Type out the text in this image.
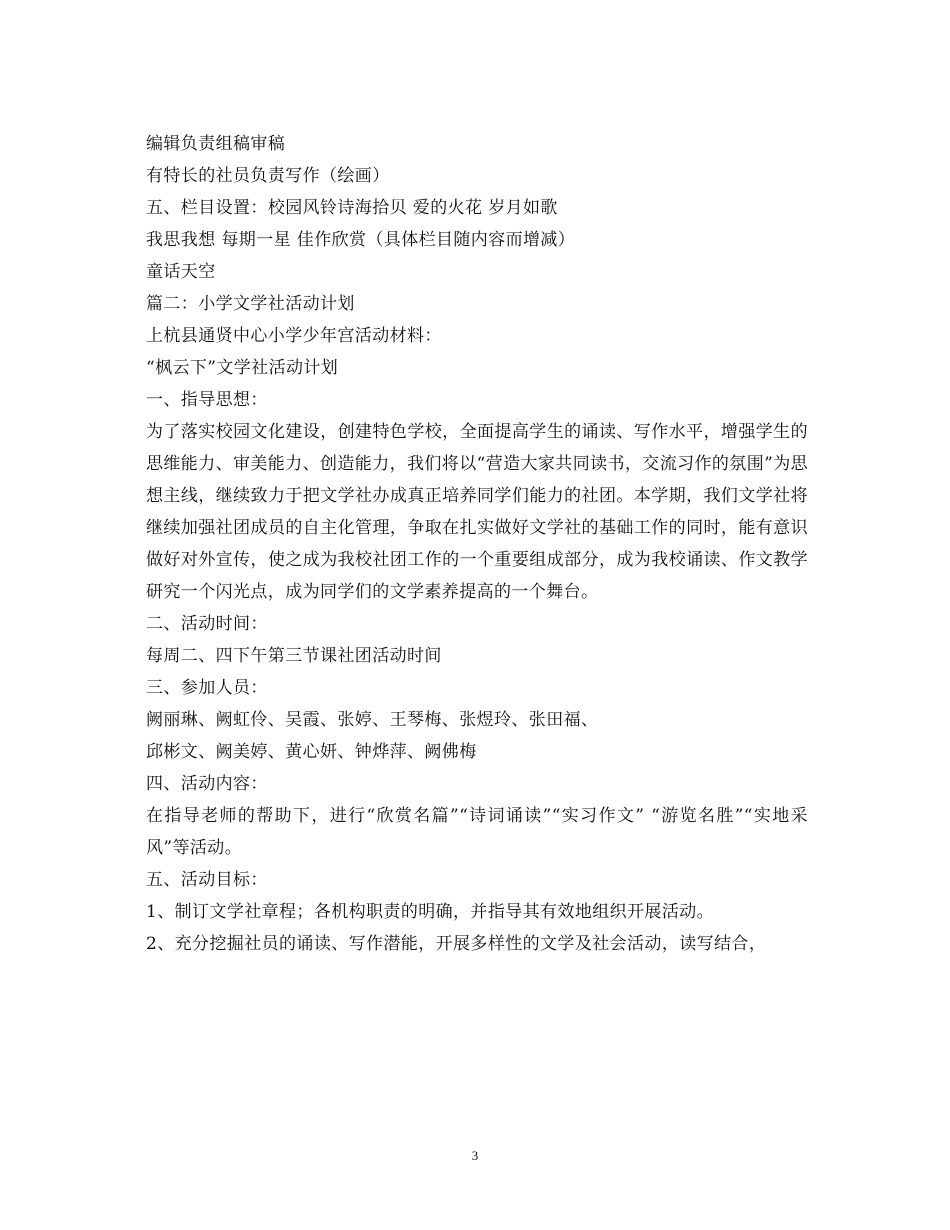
编辑负责组稿审稿
有特长的社员负责写作（绘画）
五、栏目设置：校园风铃诗海拾贝 爱的火花 岁月如歌
我思我想 每期一星 佳作欣赏（具体栏目随内容而增减）
童话天空
篇二：小学文学社活动计划
上杭县通贤中心小学少年宫活动材料：
“枫云下”文学社活动计划
一、指导思想：
为了落实校园文化建设，创建特色学校，全面提高学生的诵读、写作水平，增强学生的思维能力、审美能力、创造能力，我们将以“营造大家共同读书，交流习作的氛围”为思想主线，继续致力于把文学社办成真正培养同学们能力的社团。本学期，我们文学社将继续加强社团成员的自主化管理，争取在扎实做好文学社的基础工作的同时，能有意识做好对外宣传，使之成为我校社团工作的一个重要组成部分，成为我校诵读、作文教学研究一个闪光点，成为同学们的文学素养提高的一个舞台。
二、活动时间：
每周二、四下午第三节课社团活动时间
三、参加人员：
阙丽琳、阙虹伶、吴霞、张婷、王琴梅、张煜玲、张田福、
邱彬文、阙美婷、黄心妍、钟烨萍、阙佛梅
四、活动内容：
在指导老师的帮助下，进行“欣赏名篇”“诗词诵读”“实习作文” “游览名胜”“实地采风”等活动。
五、活动目标：
1、制订文学社章程；各机构职责的明确，并指导其有效地组织开展活动。
2、充分挖掘社员的诵读、写作潜能，开展多样性的文学及社会活动，读写结合，
3
